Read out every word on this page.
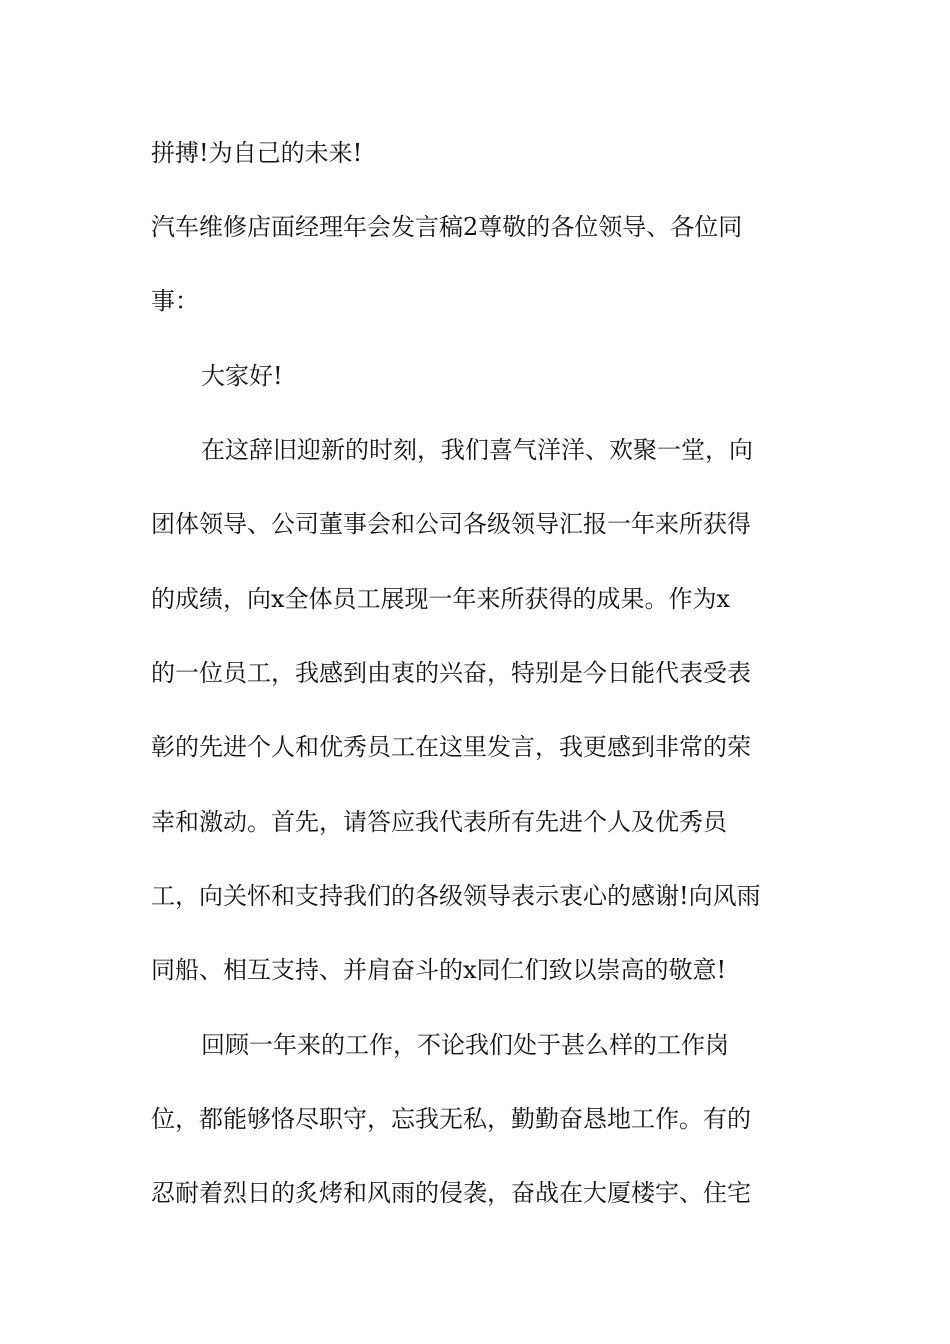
拼搏!为自己的未来!

汽车维修店面经理年会发言稿2尊敬的各位领导、各位同

事：

大家好!

在这辞旧迎新的时刻，我们喜气洋洋、欢聚一堂，向

团体领导、公司董事会和公司各级领导汇报一年来所获得

的成绩，向x全体员工展现一年来所获得的成果。作为x

的一位员工，我感到由衷的兴奋，特别是今日能代表受表

彰的先进个人和优秀员工在这里发言，我更感到非常的荣

幸和激动。首先，请答应我代表所有先进个人及优秀员

工，向关怀和支持我们的各级领导表示衷心的感谢!向风雨

同船、相互支持、并肩奋斗的x同仁们致以崇高的敬意!

回顾一年来的工作，不论我们处于甚么样的工作岗

位，都能够恪尽职守，忘我无私，勤勤奋恳地工作。有的

忍耐着烈日的炙烤和风雨的侵袭，奋战在大厦楼宇、住宅
